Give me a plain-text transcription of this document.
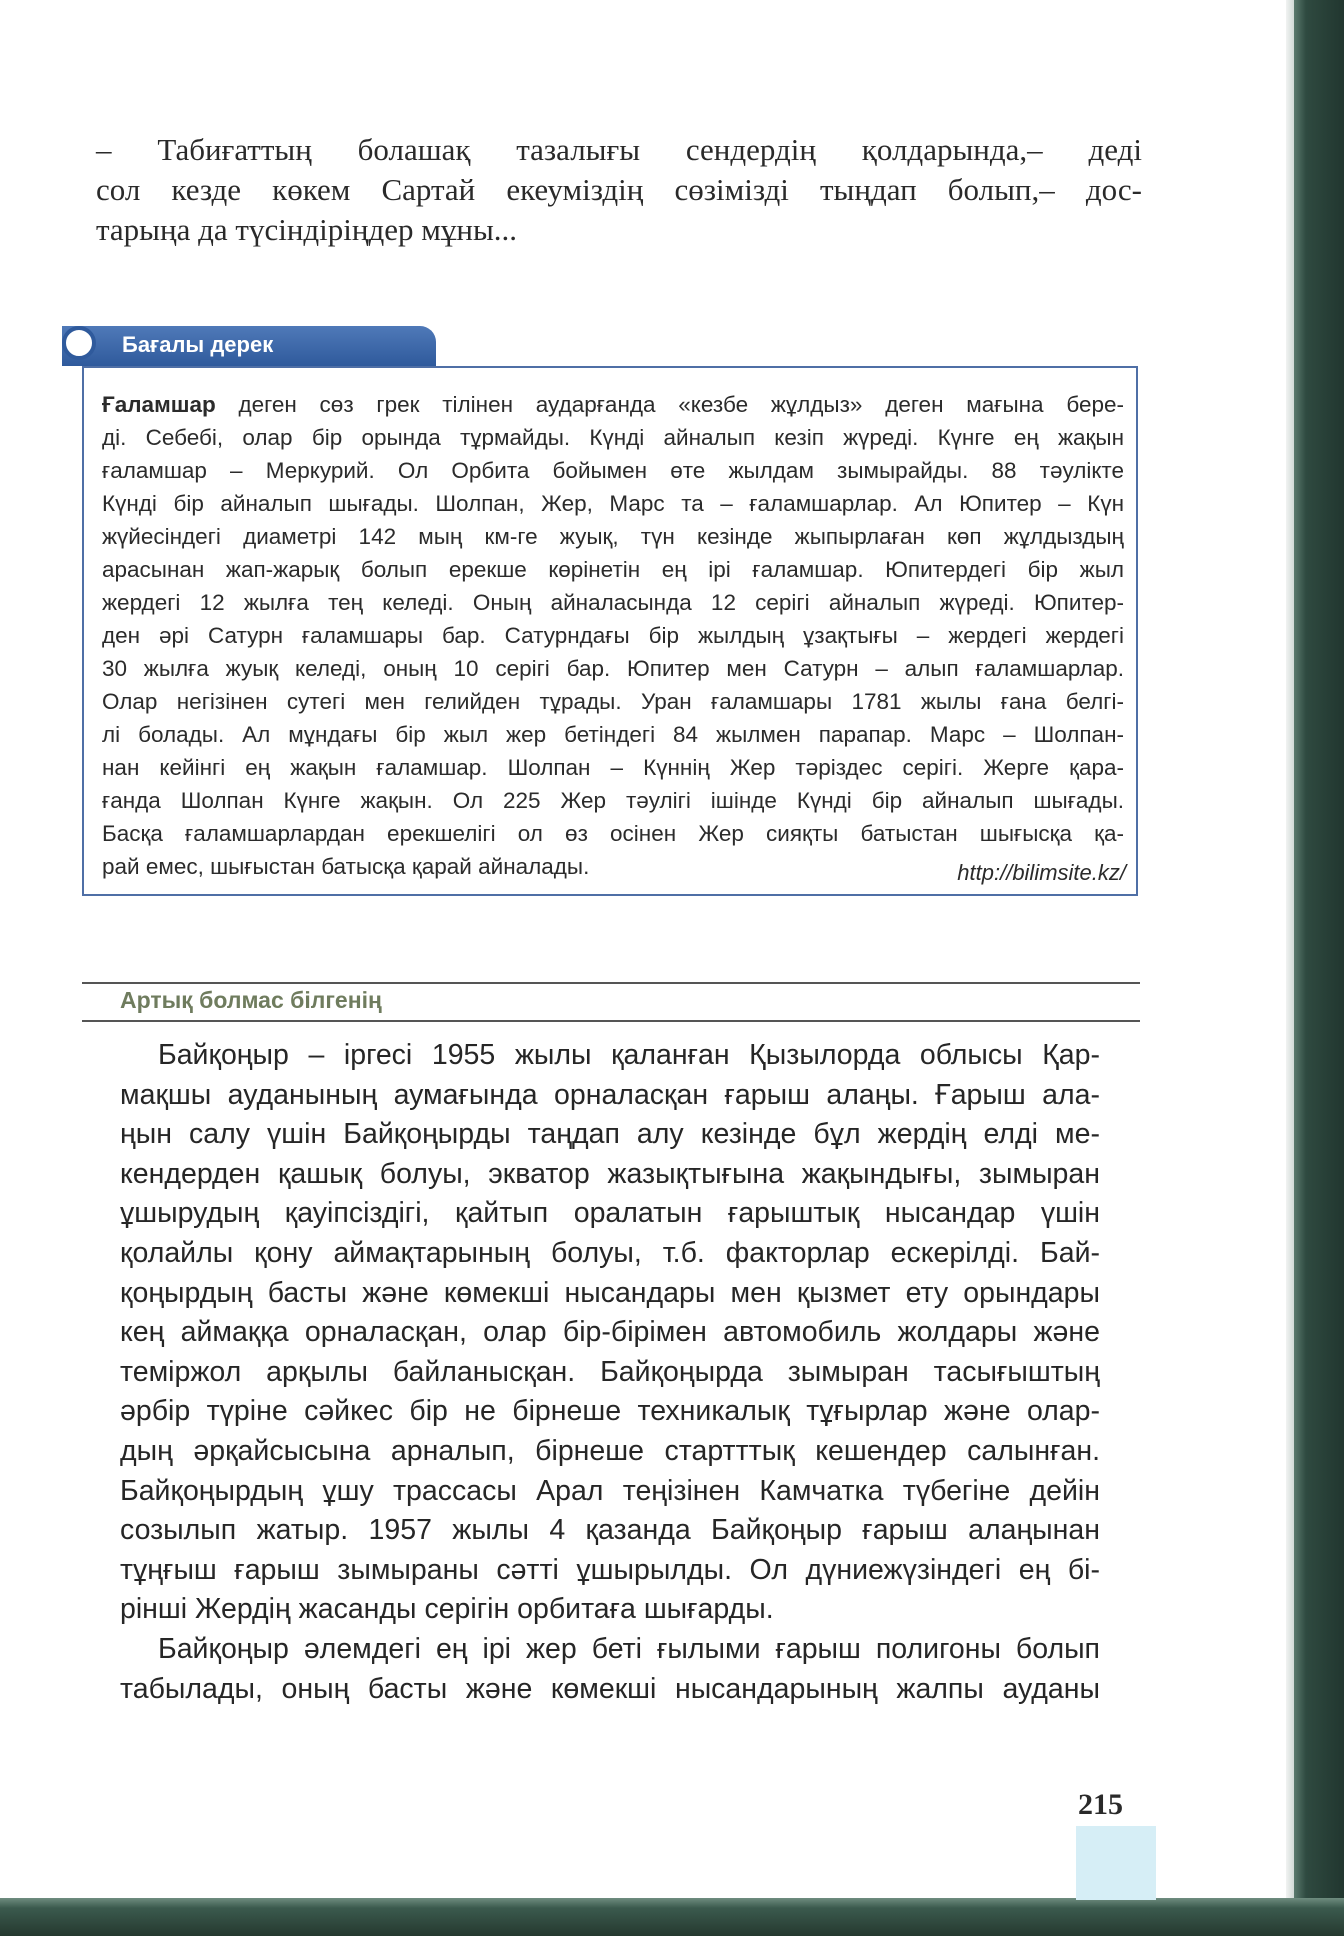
– Табиғаттың болашақ тазалығы сендердің қолдарында,– деді
сол кезде көкем Сартай екеуміздің сөзімізді тыңдап болып,– дос-
тарыңа да түсіндіріңдер мұны...
Бағалы дерек
Ғаламшар деген сөз грек тілінен аударғанда «кезбе жұлдыз» деген мағына бере-
ді. Себебі, олар бір орында тұрмайды. Күнді айналып кезіп жүреді. Күнге ең жақын
ғаламшар – Меркурий. Ол Орбита бойымен өте жылдам зымырайды. 88 тәулікте
Күнді бір айналып шығады. Шолпан, Жер, Марс та – ғаламшарлар. Ал Юпитер – Күн
жүйесіндегі диаметрі 142 мың км-ге жуық, түн кезінде жыпырлаған көп жұлдыздың
арасынан жап-жарық болып ерекше көрінетін ең ірі ғаламшар. Юпитердегі бір жыл
жердегі 12 жылға тең келеді. Оның айналасында 12 серігі айналып жүреді. Юпитер-
ден әрі Сатурн ғаламшары бар. Сатурндағы бір жылдың ұзақтығы – жердегі жердегі
30 жылға жуық келеді, оның 10 серігі бар. Юпитер мен Сатурн – алып ғаламшарлар.
Олар негізінен сутегі мен гелийден тұрады. Уран ғаламшары 1781 жылы ғана белгі-
лі болады. Ал мұндағы бір жыл жер бетіндегі 84 жылмен парапар. Марс – Шолпан-
нан кейінгі ең жақын ғаламшар. Шолпан – Күннің Жер тәріздес серігі. Жерге қара-
ғанда Шолпан Күнге жақын. Ол 225 Жер тәулігі ішінде Күнді бір айналып шығады.
Басқа ғаламшарлардан ерекшелігі ол өз осінен Жер сияқты батыстан шығысқа қа-
рай емес, шығыстан батысқа қарай айналады.	http://bilimsite.kz/
Артық болмас білгенің
Байқоңыр – іргесі 1955 жылы қаланған Қызылорда облысы Қар-
мақшы ауданының аумағында орналасқан ғарыш алаңы. Ғарыш ала-
ңын салу үшін Байқоңырды таңдап алу кезінде бұл жердің елді ме-
кендерден қашық болуы, экватор жазықтығына жақындығы, зымыран
ұшырудың қауіпсіздігі, қайтып оралатын ғарыштық нысандар үшін
қолайлы қону аймақтарының болуы, т.б. факторлар ескерілді. Бай-
қоңырдың басты және көмекші нысандары мен қызмет ету орындары
кең аймаққа орналасқан, олар бір-бірімен автомобиль жолдары және
теміржол арқылы байланысқан. Байқоңырда зымыран тасығыштың
әрбір түріне сәйкес бір не бірнеше техникалық тұғырлар және олар-
дың әрқайсысына арналып, бірнеше стартттық кешендер салынған.
Байқоңырдың ұшу трассасы Арал теңізінен Камчатка түбегіне дейін
созылып жатыр. 1957 жылы 4 қазанда Байқоңыр ғарыш алаңынан
тұңғыш ғарыш зымыраны сәтті ұшырылды. Ол дүниежүзіндегі ең бі-
рінші Жердің жасанды серігін орбитаға шығарды.
Байқоңыр әлемдегі ең ірі жер беті ғылыми ғарыш полигоны болып
табылады, оның басты және көмекші нысандарының жалпы ауданы
215
